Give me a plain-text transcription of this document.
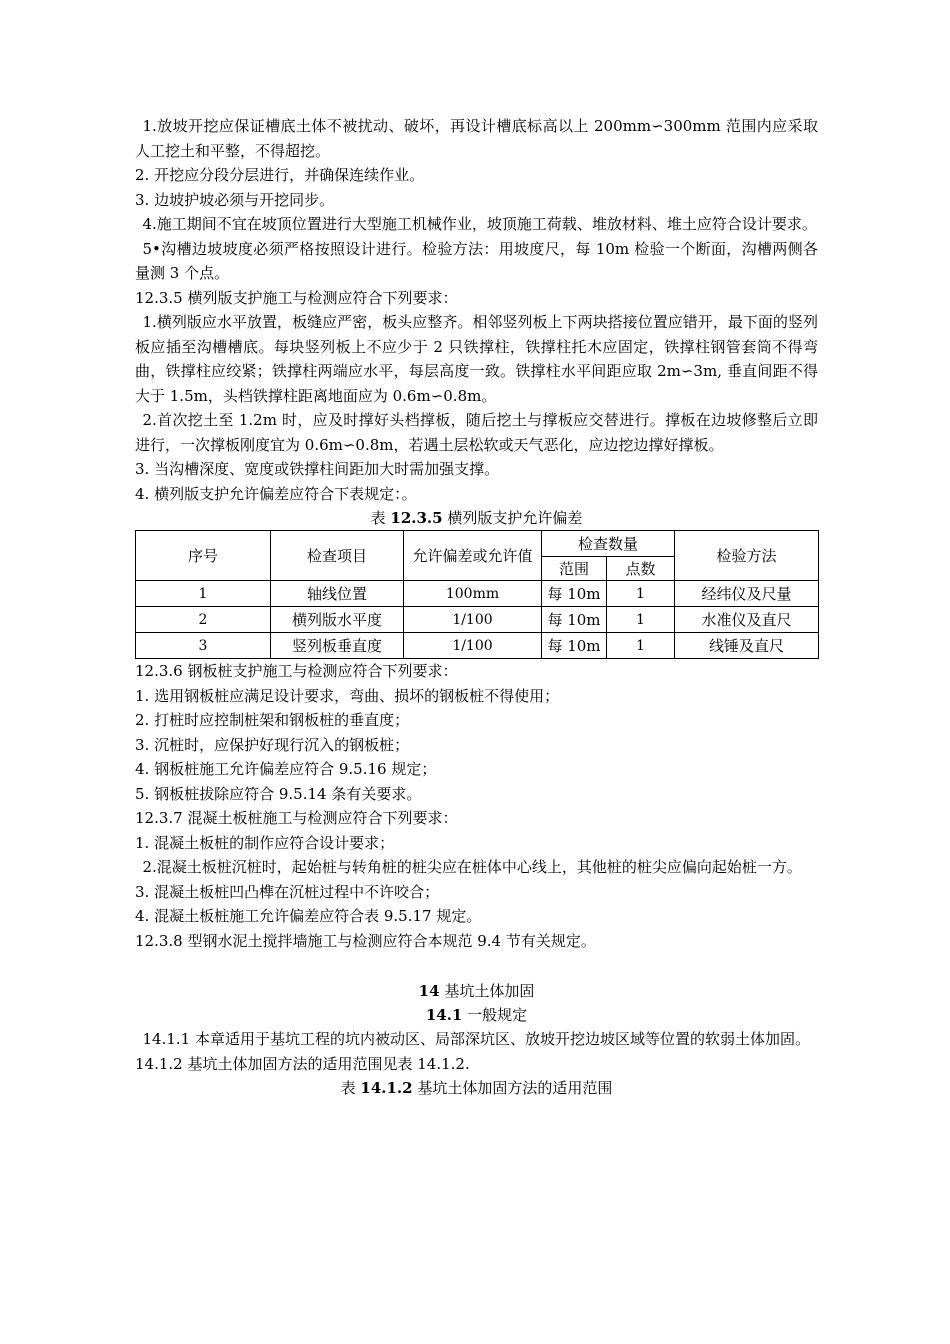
1.放坡开挖应保证槽底土体不被扰动、破坏，再设计槽底标高以上 200mm∽300mm 范围内应采取人工挖土和平整，不得超挖。

2. 开挖应分段分层进行，并确保连续作业。

3. 边坡护坡必须与开挖同步。

4.施工期间不宜在坡顶位置进行大型施工机械作业，坡顶施工荷载、堆放材料、堆土应符合设计要求。

5•沟槽边坡坡度必须严格按照设计进行。检验方法：用坡度尺，每 10m 检验一个断面，沟槽两侧各量测 3 个点。

12.3.5 横列版支护施工与检测应符合下列要求：

1.横列版应水平放置，板缝应严密，板头应整齐。相邻竖列板上下两块搭接位置应错开，最下面的竖列板应插至沟槽槽底。每块竖列板上不应少于 2 只铁撑柱，铁撑柱托木应固定，铁撑柱钢管套筒不得弯曲，铁撑柱应绞紧；铁撑柱两端应水平，每层高度一致。铁撑柱水平间距应取 2m∽3m, 垂直间距不得大于 1.5m，头档铁撑柱距离地面应为 0.6m∽0.8m。

2.首次挖土至 1.2m 时，应及时撑好头档撑板，随后挖土与撑板应交替进行。撑板在边坡修整后立即进行，一次撑板刚度宜为 0.6m∽0.8m，若遇土层松软或天气恶化，应边挖边撑好撑板。

3. 当沟槽深度、宽度或铁撑柱间距加大时需加强支撑。

4. 横列版支护允许偏差应符合下表规定：。

表 12.3.5 横列版支护允许偏差
序号	检查项目	允许偏差或允许值	检查数量		检验方法
			范围	点数	
1	轴线位置	100mm	每 10m	1	经纬仪及尺量
2	横列版水平度	1/100	每 10m	1	水准仪及直尺
3	竖列板垂直度	1/100	每 10m	1	线锤及直尺

12.3.6 钢板桩支护施工与检测应符合下列要求：

1. 选用钢板桩应满足设计要求，弯曲、损坏的钢板桩不得使用；

2. 打桩时应控制桩架和钢板桩的垂直度；

3. 沉桩时，应保护好现行沉入的钢板桩；

4. 钢板桩施工允许偏差应符合 9.5.16 规定；

5. 钢板桩拔除应符合 9.5.14 条有关要求。

12.3.7 混凝土板桩施工与检测应符合下列要求：

1. 混凝土板桩的制作应符合设计要求；

2.混凝土板桩沉桩时，起始桩与转角桩的桩尖应在桩体中心线上，其他桩的桩尖应偏向起始桩一方。

3. 混凝土板桩凹凸榫在沉桩过程中不许咬合；

4. 混凝土板桩施工允许偏差应符合表 9.5.17 规定。

12.3.8 型钢水泥土搅拌墙施工与检测应符合本规范 9.4 节有关规定。

14 基坑土体加固
14.1 一般规定

14.1.1 本章适用于基坑工程的坑内被动区、局部深坑区、放坡开挖边坡区域等位置的软弱土体加固。

14.1.2 基坑土体加固方法的适用范围见表 14.1.2.

表 14.1.2 基坑土体加固方法的适用范围
